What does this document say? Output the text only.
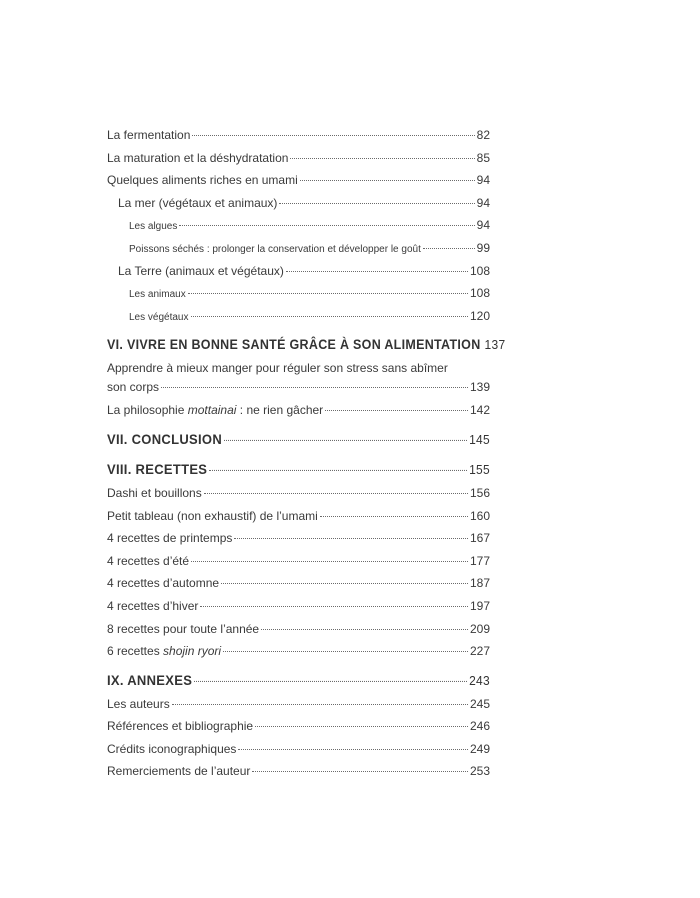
La fermentation	82
La maturation et la déshydratation	85
Quelques aliments riches en umami	94
La mer (végétaux et animaux)	94
Les algues	94
Poissons séchés : prolonger la conservation et développer le goût	99
La Terre (animaux et végétaux)	108
Les animaux	108
Les végétaux	120
VI. VIVRE EN BONNE SANTÉ GRÂCE À SON ALIMENTATION 137
Apprendre à mieux manger pour réguler son stress sans abîmer
son corps	139
La philosophie mottainai : ne rien gâcher	142
VII. CONCLUSION	145
VIII. RECETTES	155
Dashi et bouillons	156
Petit tableau (non exhaustif) de l’umami	160
4 recettes de printemps	167
4 recettes d’été	177
4 recettes d’automne	187
4 recettes d’hiver	197
8 recettes pour toute l’année	209
6 recettes shojin ryori	227
IX. ANNEXES	243
Les auteurs	245
Références et bibliographie	246
Crédits iconographiques	249
Remerciements de l’auteur	253
